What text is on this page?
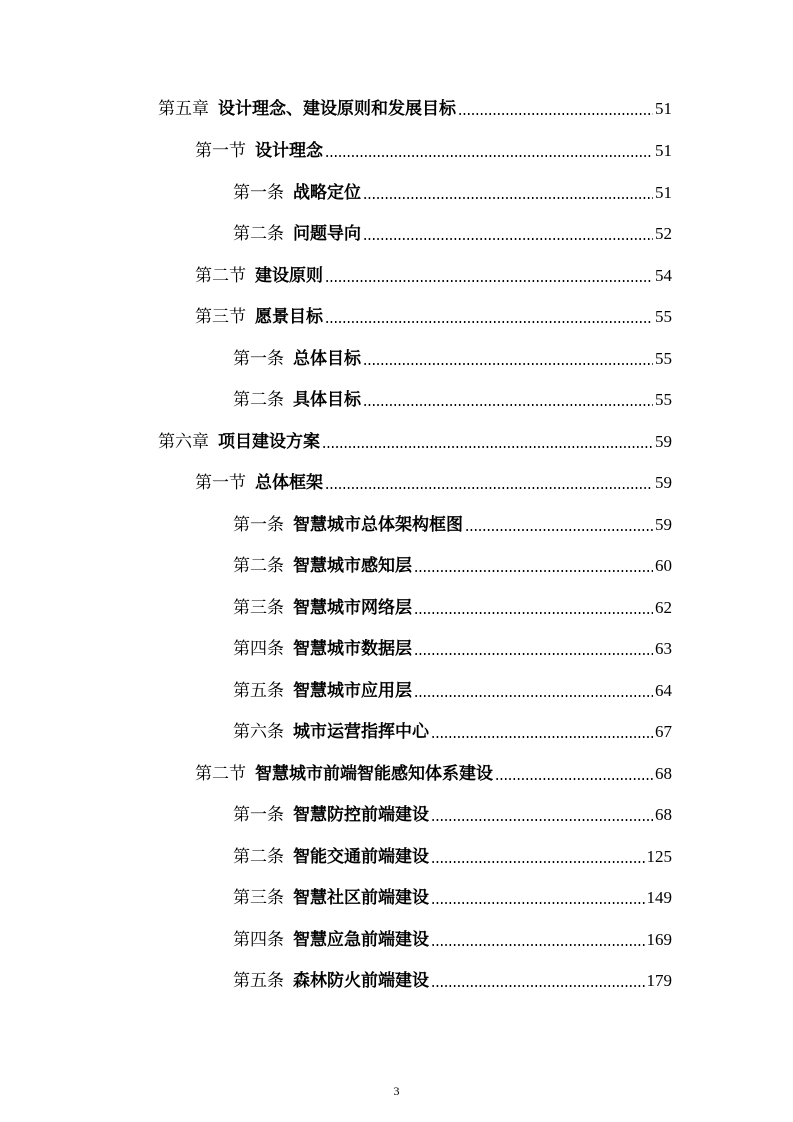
第五章 设计理念、建设原则和发展目标	51
第一节 设计理念	51
第一条 战略定位	51
第二条 问题导向	52
第二节 建设原则	54
第三节 愿景目标	55
第一条 总体目标	55
第二条 具体目标	55
第六章 项目建设方案	59
第一节 总体框架	59
第一条 智慧城市总体架构框图	59
第二条 智慧城市感知层	60
第三条 智慧城市网络层	62
第四条 智慧城市数据层	63
第五条 智慧城市应用层	64
第六条 城市运营指挥中心	67
第二节 智慧城市前端智能感知体系建设	68
第一条 智慧防控前端建设	68
第二条 智能交通前端建设	125
第三条 智慧社区前端建设	149
第四条 智慧应急前端建设	169
第五条 森林防火前端建设	179
3
